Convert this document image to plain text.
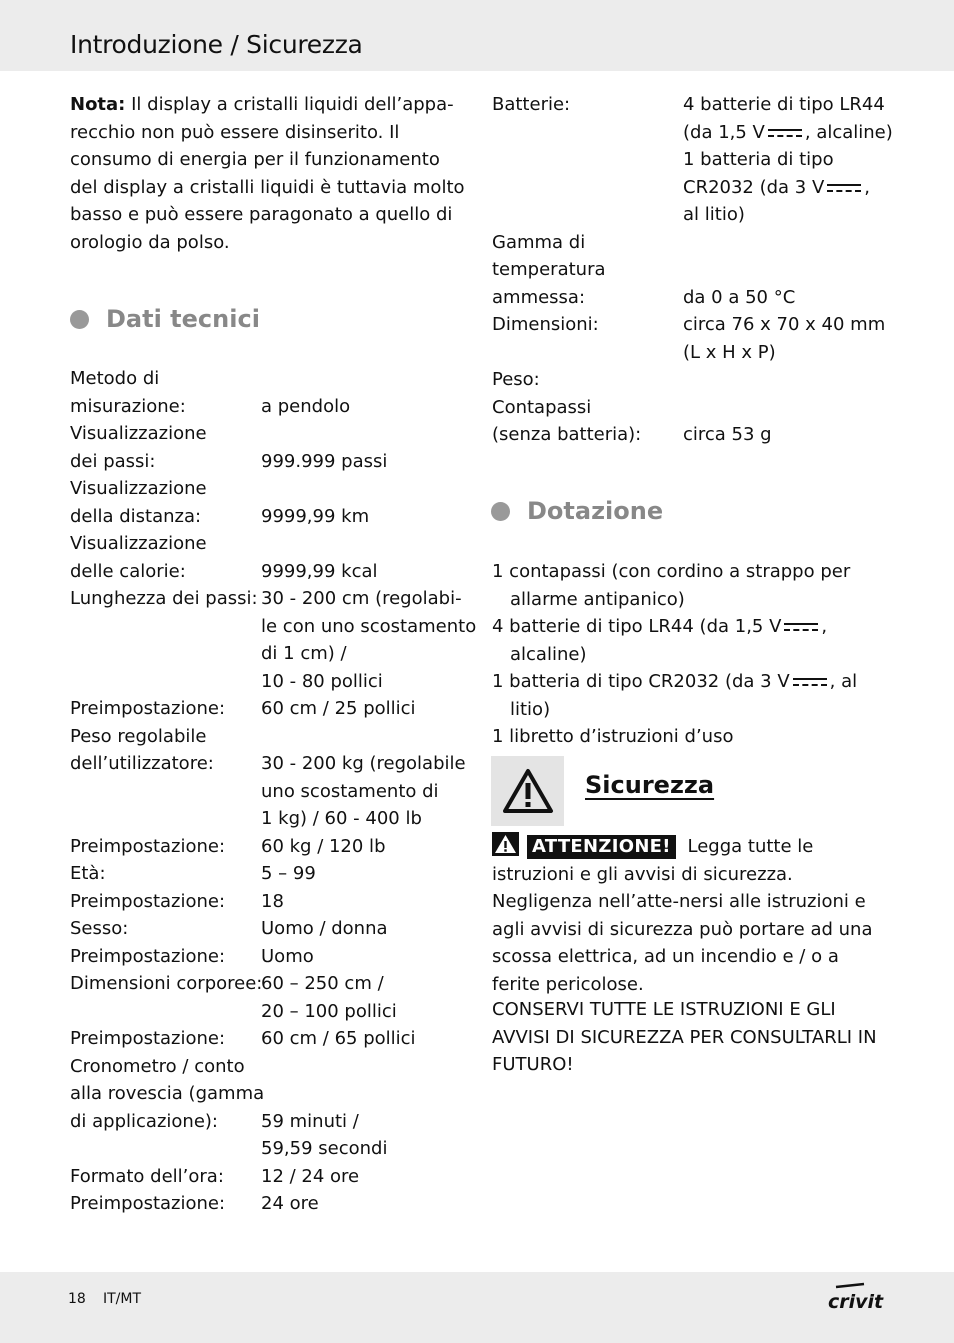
Introduzione / Sicurezza
Nota: Il display a cristalli liquidi dell’appa-recchio non può essere disinserito. Il consumo di energia per il funzionamento del display a cristalli liquidi è tuttavia molto basso e può essere paragonato a quello di orologio da polso.
Dati tecnici
Metodo di
misurazione:	a pendolo
Visualizzazione
dei passi:	999.999 passi
Visualizzazione
della distanza:	9999,99 km
Visualizzazione
delle calorie:	9999,99 kcal
Lunghezza dei passi: 30 - 200 cm (regolabi-
le con uno scostamento
di 1 cm) /
10 - 80 pollici
Preimpostazione: 60 cm / 25 pollici
Peso regolabile
dell’utilizzatore:	30 - 200 kg (regolabile
uno scostamento di
1 kg) / 60 - 400 lb
Preimpostazione: 60 kg / 120 lb
Età:	5 – 99
Preimpostazione: 18
Sesso:	Uomo / donna
Preimpostazione: Uomo
Dimensioni corporee:
60 – 250 cm /
20 – 100 pollici
Preimpostazione: 60 cm / 65 pollici
Cronometro / conto
alla rovescia (gamma
di applicazione): 59 minuti /
59,59 secondi
Formato dell’ora: 12 / 24 ore
Preimpostazione: 24 ore
Batterie:	4 batterie di tipo LR44
(da 1,5 V , alcaline)
1 batteria di tipo
CR2032 (da 3 V ,
al litio)
Gamma di
temperatura
ammessa:	da 0 a 50 °C
Dimensioni:	circa 76 x 70 x 40 mm
(L x H x P)
Peso:
Contapassi
(senza batteria): circa 53 g
Dotazione
1 contapassi (con cordino a strappo per allarme antipanico)
4 batterie di tipo LR44 (da 1,5 V , alcaline)
1 batteria di tipo CR2032 (da 3 V , al litio)
1 libretto d’istruzioni d’uso
Sicurezza
ATTENZIONE! Legga tutte le istruzioni e gli avvisi di sicurezza. Negligenza nell’atte-nersi alle istruzioni e agli avvisi di sicurezza può portare ad una scossa elettrica, ad un incendio e / o a ferite pericolose.
CONSERVI TUTTE LE ISTRUZIONI E GLI AVVISI DI SICUREZZA PER CONSULTARLI IN FUTURO!
18 IT/MT	crivit
